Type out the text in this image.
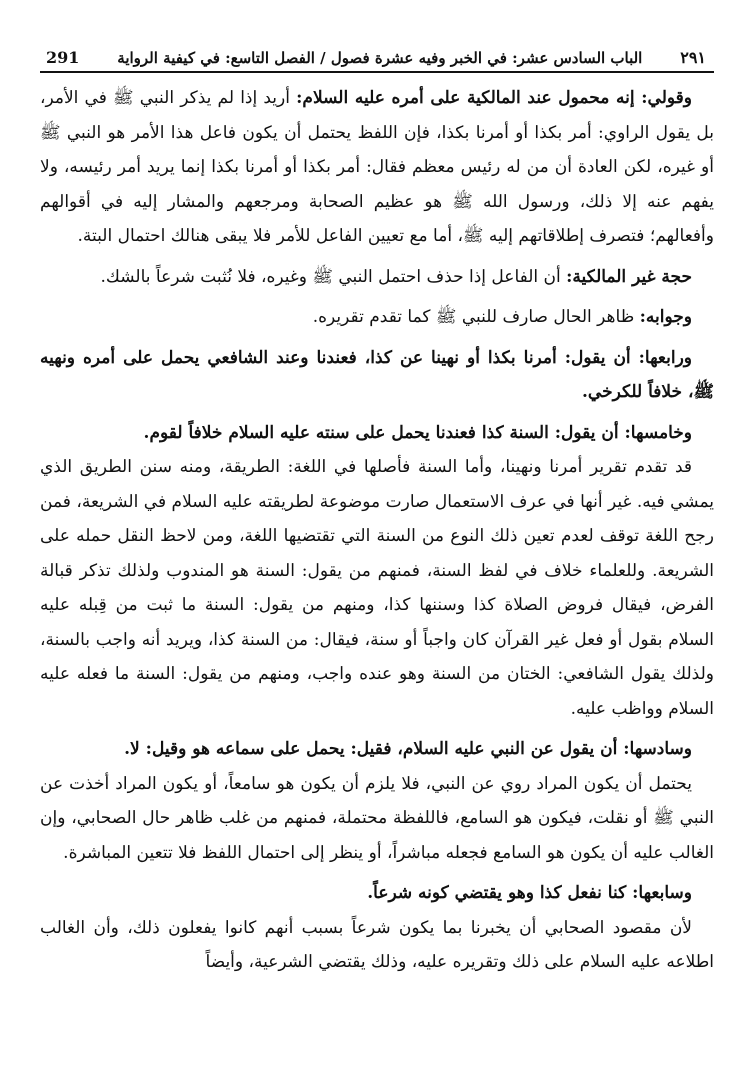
٢٩١
الباب السادس عشر: في الخبر وفيه عشرة فصول / الفصل التاسع: في كيفية الرواية
291

وقولي: إنه محمول عند المالكية على أمره عليه السلام: أريد إذا لم يذكر النبي ﷺ في الأمر، بل يقول الراوي: أمر بكذا أو أمرنا بكذا، فإن اللفظ يحتمل أن يكون فاعل هذا الأمر هو النبي ﷺ أو غيره، لكن العادة أن من له رئيس معظم فقال: أمر بكذا أو أمرنا بكذا إنما يريد أمر رئيسه، ولا يفهم عنه إلا ذلك، ورسول الله ﷺ هو عظيم الصحابة ومرجعهم والمشار إليه في أقوالهم وأفعالهم؛ فتصرف إطلاقاتهم إليه ﷺ، أما مع تعيين الفاعل للأمر فلا يبقى هنالك احتمال البتة.

حجة غير المالكية: أن الفاعل إذا حذف احتمل النبي ﷺ وغيره، فلا نُثبت شرعاً بالشك.

وجوابه: ظاهر الحال صارف للنبي ﷺ كما تقدم تقريره.

ورابعها: أن يقول: أمرنا بكذا أو نهينا عن كذا، فعندنا وعند الشافعي يحمل على أمره ونهيه ﷺ، خلافاً للكرخي.

وخامسها: أن يقول: السنة كذا فعندنا يحمل على سنته عليه السلام خلافاً لقوم.

قد تقدم تقرير أمرنا ونهينا، وأما السنة فأصلها في اللغة: الطريقة، ومنه سنن الطريق الذي يمشي فيه. غير أنها في عرف الاستعمال صارت موضوعة لطريقته عليه السلام في الشريعة، فمن رجح اللغة توقف لعدم تعين ذلك النوع من السنة التي تقتضيها اللغة، ومن لاحظ النقل حمله على الشريعة. وللعلماء خلاف في لفظ السنة، فمنهم من يقول: السنة هو المندوب ولذلك تذكر قبالة الفرض، فيقال فروض الصلاة كذا وسننها كذا، ومنهم من يقول: السنة ما ثبت من قِبله عليه السلام بقول أو فعل غير القرآن كان واجباً أو سنة، فيقال: من السنة كذا، ويريد أنه واجب بالسنة، ولذلك يقول الشافعي: الختان من السنة وهو عنده واجب، ومنهم من يقول: السنة ما فعله عليه السلام وواظب عليه.

وسادسها: أن يقول عن النبي عليه السلام، فقيل: يحمل على سماعه هو وقيل: لا.

يحتمل أن يكون المراد روي عن النبي، فلا يلزم أن يكون هو سامعاً، أو يكون المراد أخذت عن النبي ﷺ أو نقلت، فيكون هو السامع، فاللفظة محتملة، فمنهم من غلب ظاهر حال الصحابي، وإن الغالب عليه أن يكون هو السامع فجعله مباشراً، أو ينظر إلى احتمال اللفظ فلا تتعين المباشرة.

وسابعها: كنا نفعل كذا وهو يقتضي كونه شرعاً.

لأن مقصود الصحابي أن يخبرنا بما يكون شرعاً بسبب أنهم كانوا يفعلون ذلك، وأن الغالب اطلاعه عليه السلام على ذلك وتقريره عليه، وذلك يقتضي الشرعية، وأيضاً
